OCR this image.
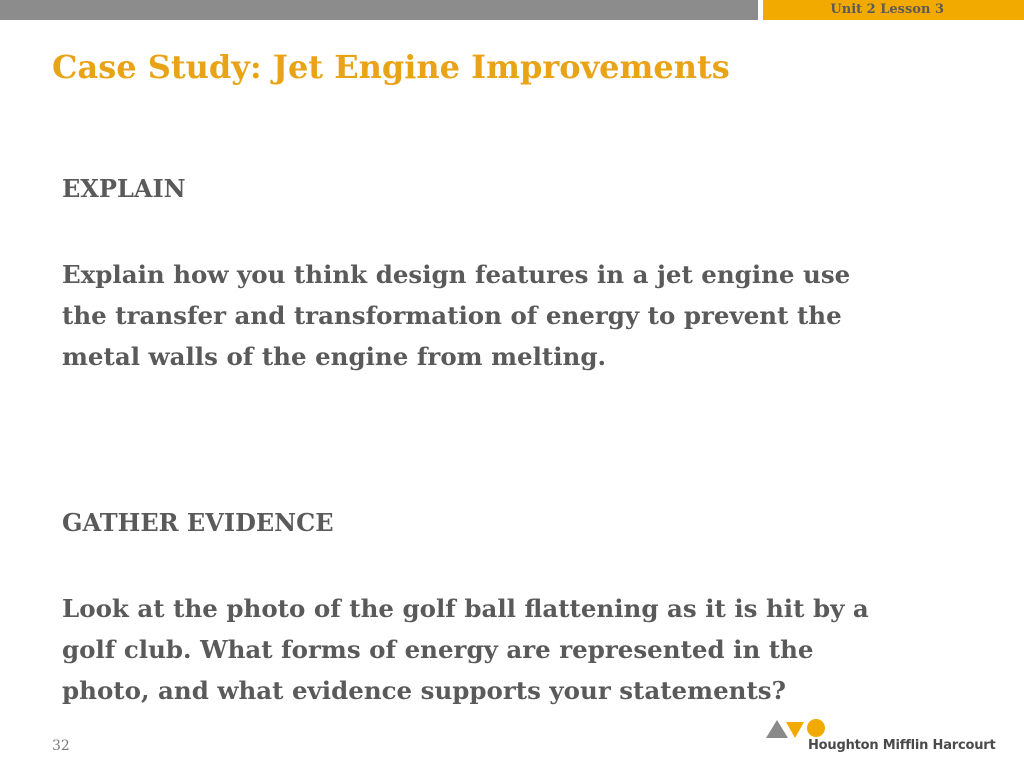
Unit 2 Lesson 3
Case Study: Jet Engine Improvements
EXPLAIN
Explain how you think design features in a jet engine use
the transfer and transformation of energy to prevent the
metal walls of the engine from melting.
GATHER EVIDENCE
Look at the photo of the golf ball flattening as it is hit by a
golf club. What forms of energy are represented in the
photo, and what evidence supports your statements?
32	Houghton Mifflin Harcourt
